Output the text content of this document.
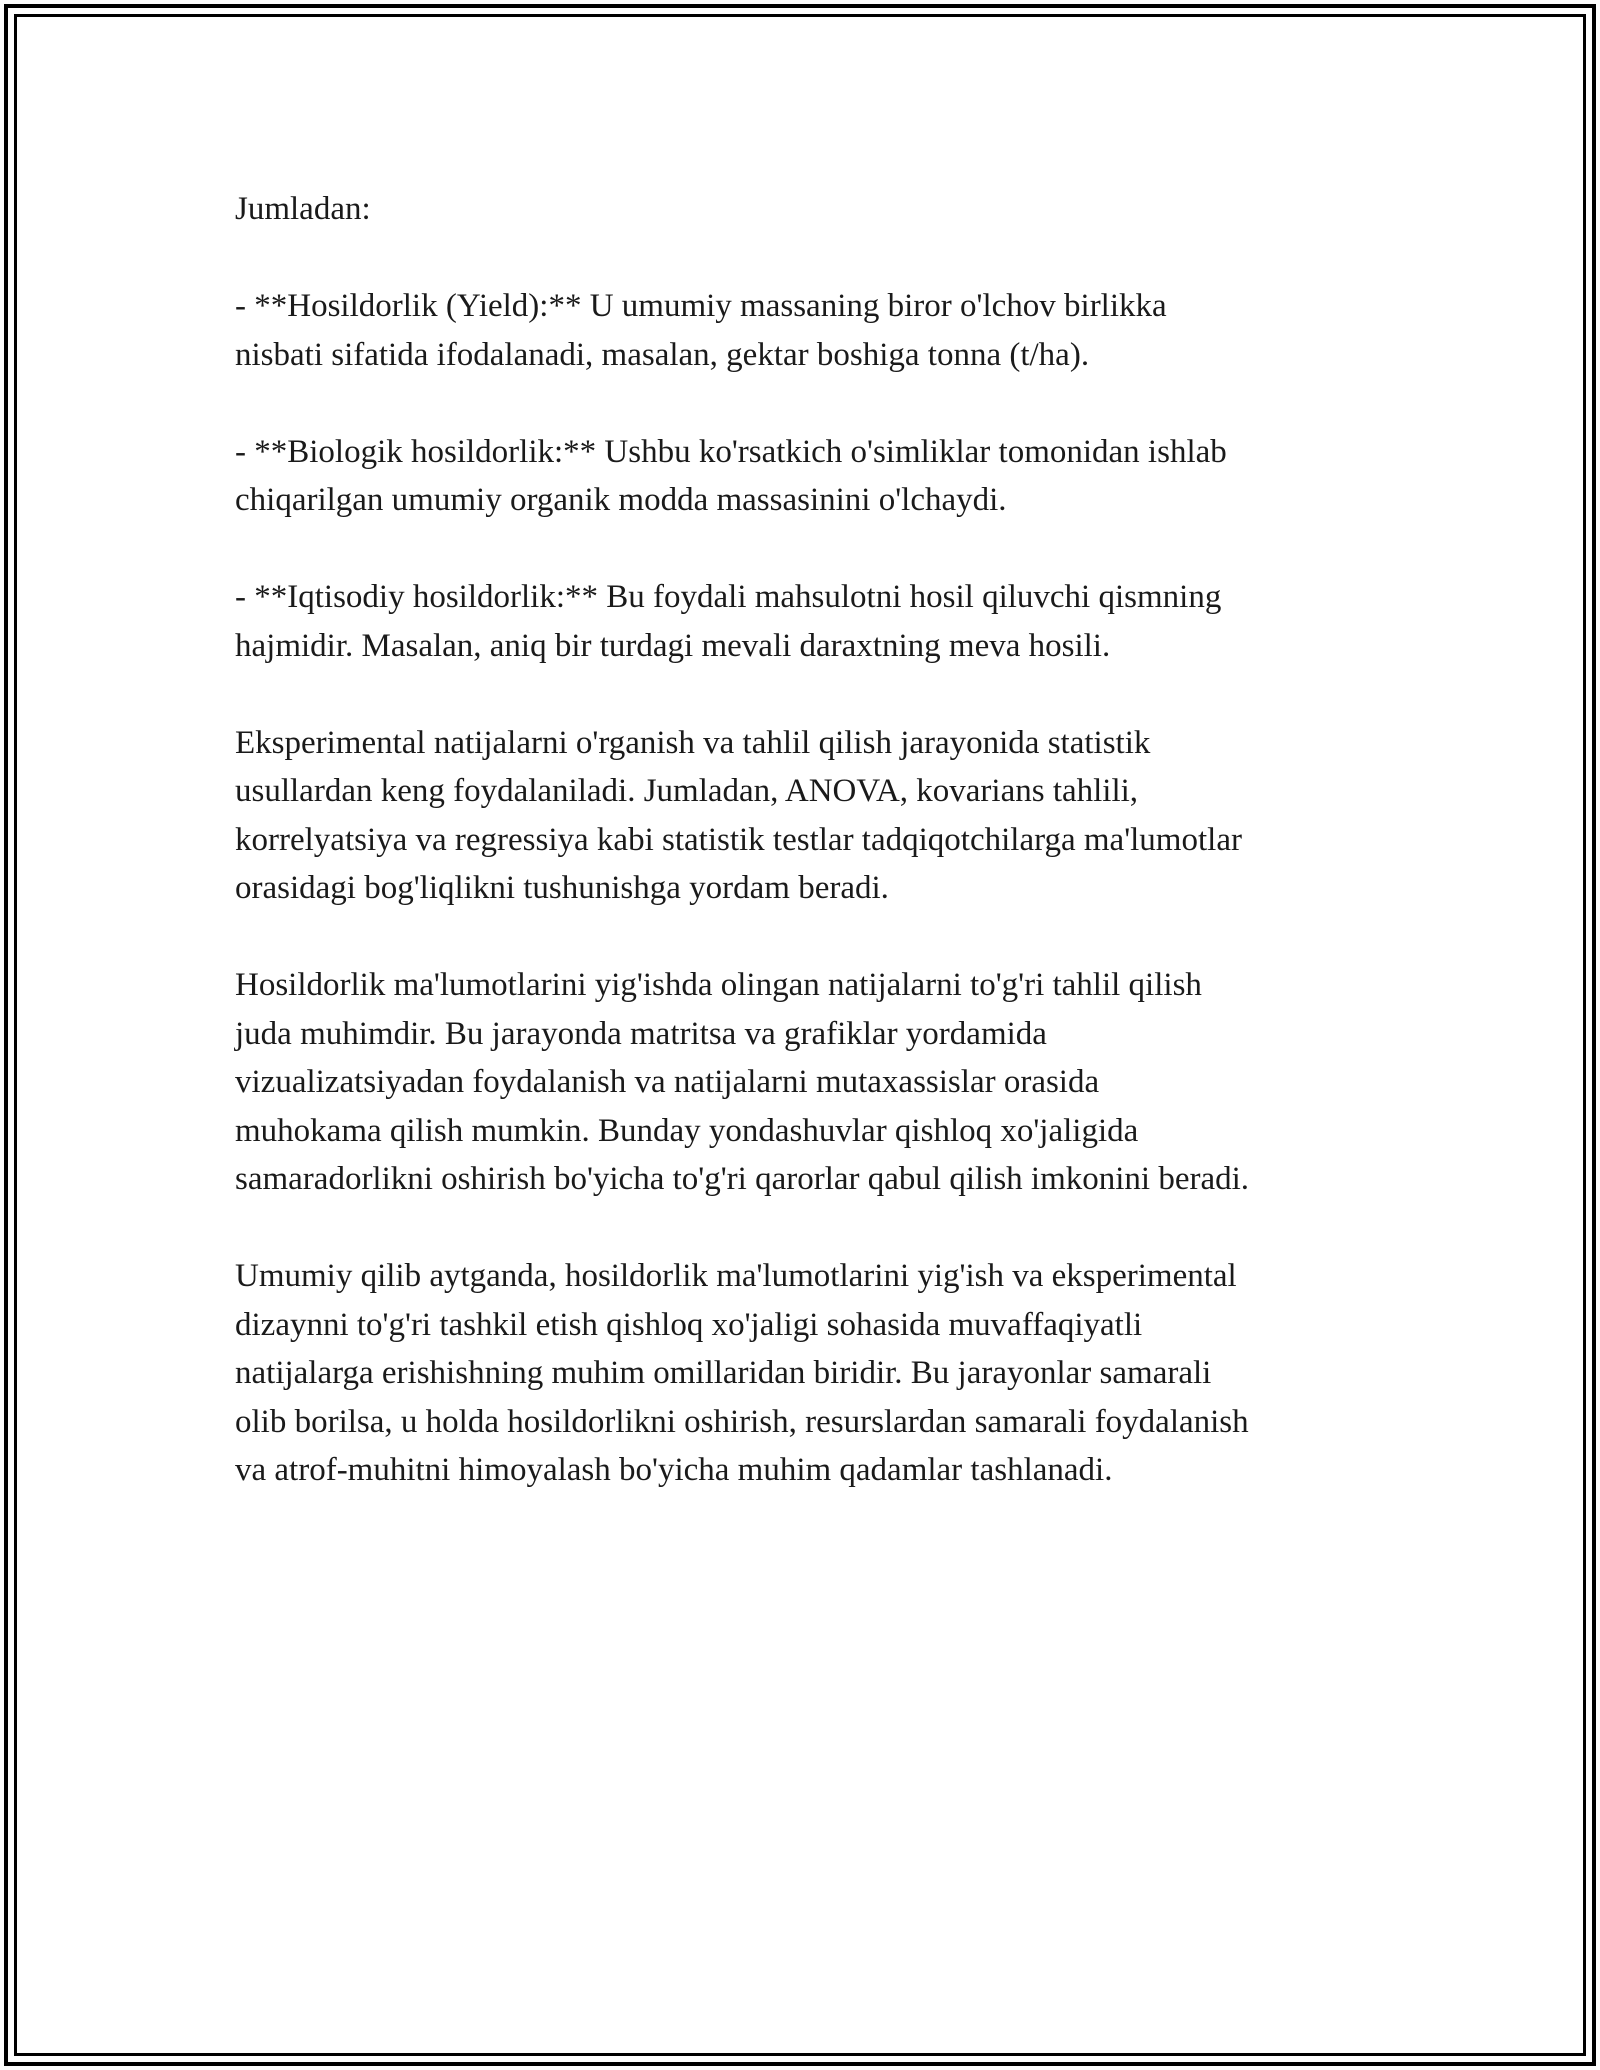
Jumladan:
- **Hosildorlik (Yield):** U umumiy massaning biror o'lchov birlikka
nisbati sifatida ifodalanadi, masalan, gektar boshiga tonna (t/ha).
- **Biologik hosildorlik:** Ushbu ko'rsatkich o'simliklar tomonidan ishlab
chiqarilgan umumiy organik modda massasinini o'lchaydi.
- **Iqtisodiy hosildorlik:** Bu foydali mahsulotni hosil qiluvchi qismning
hajmidir. Masalan, aniq bir turdagi mevali daraxtning meva hosili.
Eksperimental natijalarni o'rganish va tahlil qilish jarayonida statistik
usullardan keng foydalaniladi. Jumladan, ANOVA, kovarians tahlili,
korrelyatsiya va regressiya kabi statistik testlar tadqiqotchilarga ma'lumotlar
orasidagi bog'liqlikni tushunishga yordam beradi.
Hosildorlik ma'lumotlarini yig'ishda olingan natijalarni to'g'ri tahlil qilish
juda muhimdir. Bu jarayonda matritsa va grafiklar yordamida
vizualizatsiyadan foydalanish va natijalarni mutaxassislar orasida
muhokama qilish mumkin. Bunday yondashuvlar qishloq xo'jaligida
samaradorlikni oshirish bo'yicha to'g'ri qarorlar qabul qilish imkonini beradi.
Umumiy qilib aytganda, hosildorlik ma'lumotlarini yig'ish va eksperimental
dizaynni to'g'ri tashkil etish qishloq xo'jaligi sohasida muvaffaqiyatli
natijalarga erishishning muhim omillaridan biridir. Bu jarayonlar samarali
olib borilsa, u holda hosildorlikni oshirish, resurslardan samarali foydalanish
va atrof-muhitni himoyalash bo'yicha muhim qadamlar tashlanadi.
